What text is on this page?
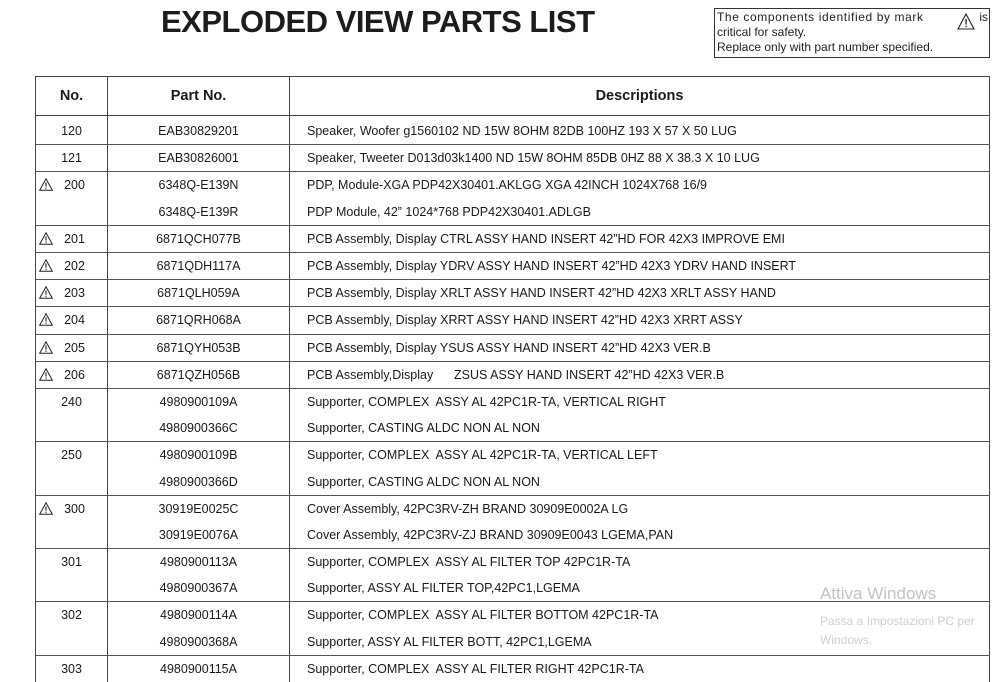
EXPLODED VIEW PARTS LIST	The components identified by mark
critical for safety.
Replace only with part number specified.
is
No.	Part No.	Descriptions
120	EAB30829201	Speaker, Woofer g1560102 ND 15W 8OHM 82DB 100HZ 193 X 57 X 50 LUG
121	EAB30826001	Speaker, Tweeter D013d03k1400 ND 15W 8OHM 85DB 0HZ 88 X 38.3 X 10 LUG

200	6348Q-E139N	PDP, Module-XGA PDP42X30401.AKLGG XGA 42INCH 1024X768 16/9
	6348Q-E139R	PDP Module, 42” 1024*768 PDP42X30401.ADLGB

201	6871QCH077B	PCB Assembly, Display CTRL ASSY HAND INSERT 42”HD FOR 42X3 IMPROVE EMI

202	6871QDH117A	PCB Assembly, Display YDRV ASSY HAND INSERT 42”HD 42X3 YDRV HAND INSERT

203	6871QLH059A	PCB Assembly, Display XRLT ASSY HAND INSERT 42”HD 42X3 XRLT ASSY HAND

204	6871QRH068A	PCB Assembly, Display XRRT ASSY HAND INSERT 42”HD 42X3 XRRT ASSY

205	6871QYH053B	PCB Assembly, Display YSUS ASSY HAND INSERT 42”HD 42X3 VER.B

206	6871QZH056B	PCB Assembly,Display      ZSUS ASSY HAND INSERT 42”HD 42X3 VER.B
240	4980900109A	Supporter, COMPLEX  ASSY AL 42PC1R-TA, VERTICAL RIGHT
	4980900366C	Supporter, CASTING ALDC NON AL NON
250	4980900109B	Supporter, COMPLEX  ASSY AL 42PC1R-TA, VERTICAL LEFT
	4980900366D	Supporter, CASTING ALDC NON AL NON

300	30919E0025C	Cover Assembly, 42PC3RV-ZH BRAND 30909E0002A LG
	30919E0076A	Cover Assembly, 42PC3RV-ZJ BRAND 30909E0043 LGEMA,PAN
301	4980900113A	Supporter, COMPLEX  ASSY AL FILTER TOP 42PC1R-TA
	4980900367A	Supporter, ASSY AL FILTER TOP,42PC1,LGEMA
302	4980900114A	Supporter, COMPLEX  ASSY AL FILTER BOTTOM 42PC1R-TA
	4980900368A	Supporter, ASSY AL FILTER BOTT, 42PC1,LGEMA
303	4980900115A	Supporter, COMPLEX  ASSY AL FILTER RIGHT 42PC1R-TA
Attiva Windows
Passa a Impostazioni PC per
Windows.
